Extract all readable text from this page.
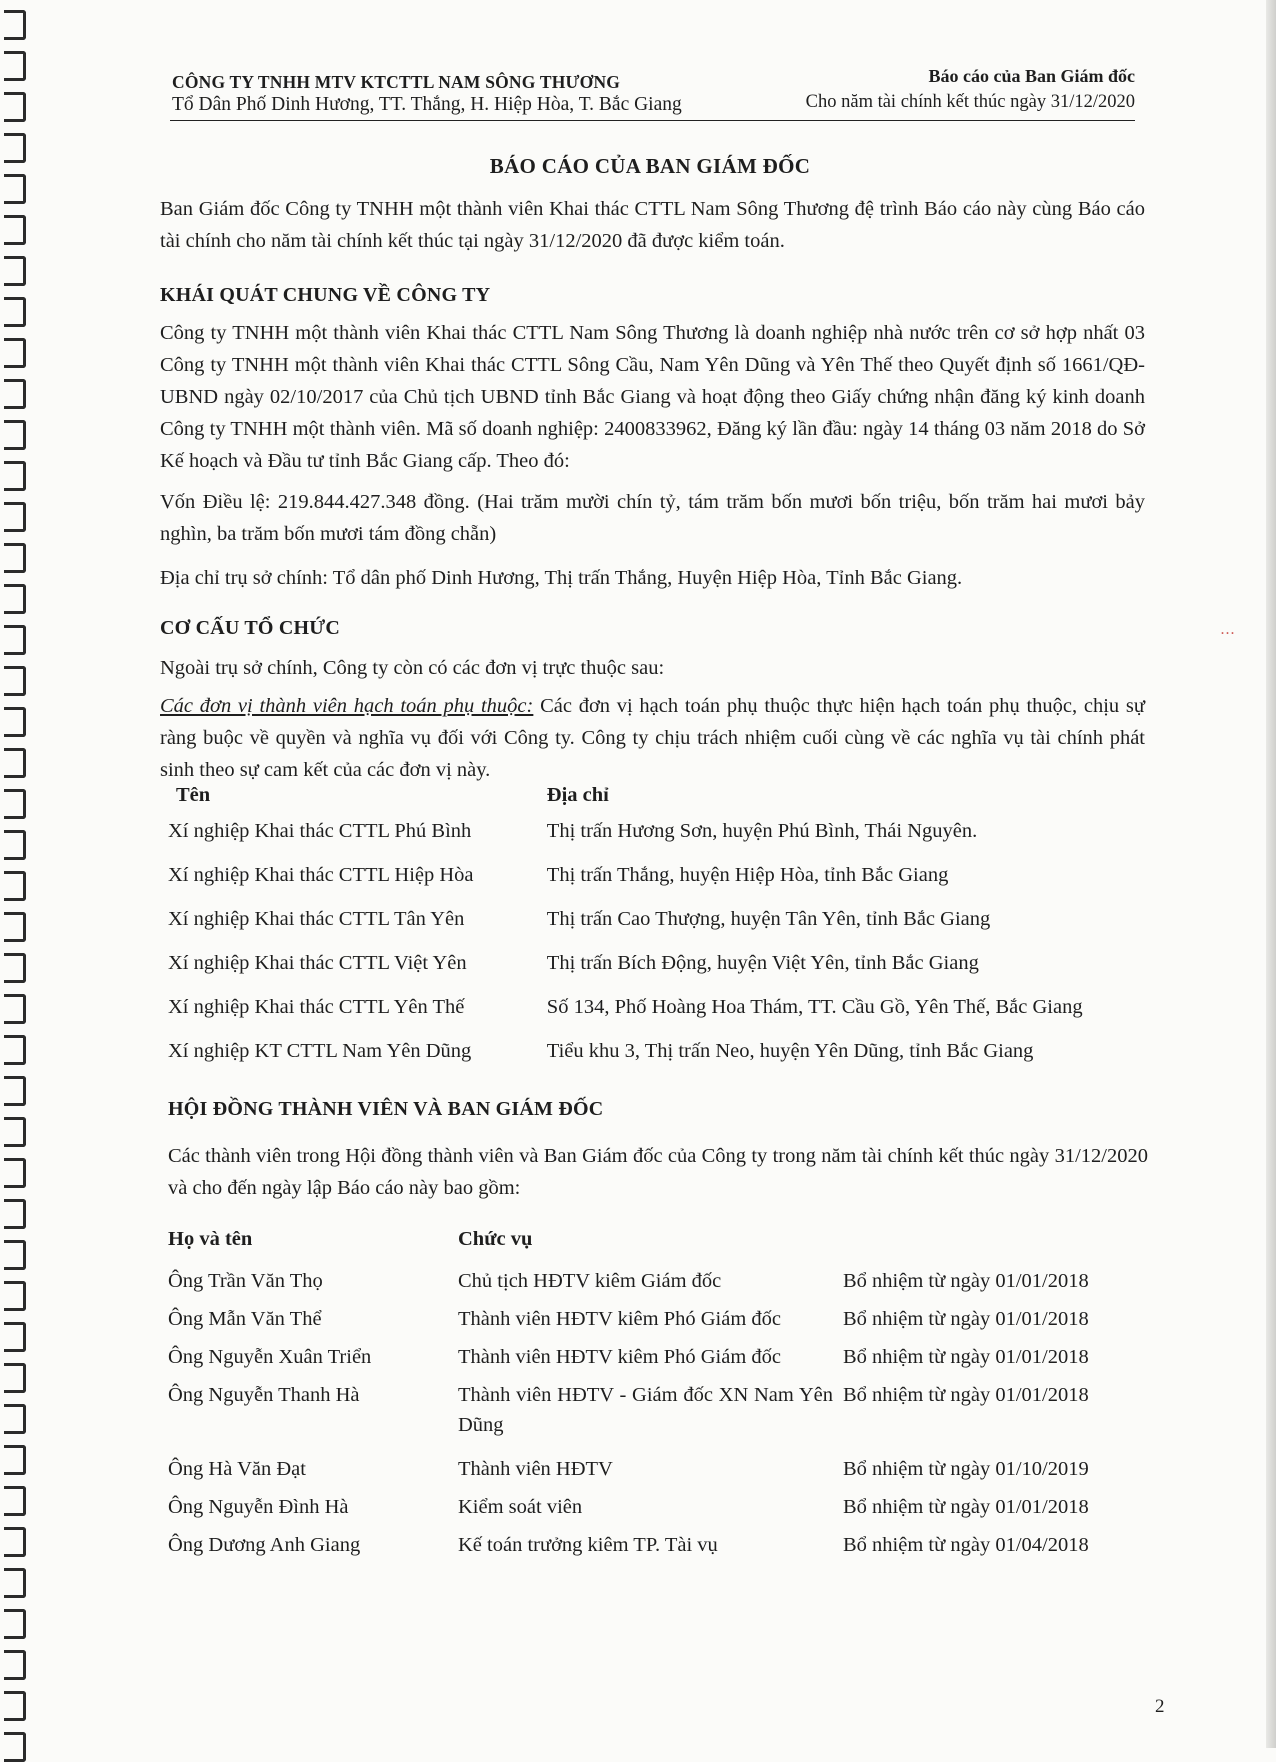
…
CÔNG TY TNHH MTV KTCTTL NAM SÔNG THƯƠNG
Tổ Dân Phố Dinh Hương, TT. Thắng, H. Hiệp Hòa, T. Bắc Giang
Báo cáo của Ban Giám đốc
Cho năm tài chính kết thúc ngày 31/12/2020
BÁO CÁO CỦA BAN GIÁM ĐỐC
Ban Giám đốc Công ty TNHH một thành viên Khai thác CTTL Nam Sông Thương đệ trình Báo cáo này cùng Báo cáo tài chính cho năm tài chính kết thúc tại ngày 31/12/2020 đã được kiểm toán.
KHÁI QUÁT CHUNG VỀ CÔNG TY
Công ty TNHH một thành viên Khai thác CTTL Nam Sông Thương là doanh nghiệp nhà nước trên cơ sở hợp nhất 03 Công ty TNHH một thành viên Khai thác CTTL Sông Cầu, Nam Yên Dũng và Yên Thế theo Quyết định số 1661/QĐ-UBND ngày 02/10/2017 của Chủ tịch UBND tỉnh Bắc Giang và hoạt động theo Giấy chứng nhận đăng ký kinh doanh Công ty TNHH một thành viên. Mã số doanh nghiệp: 2400833962, Đăng ký lần đầu: ngày 14 tháng 03 năm 2018 do Sở Kế hoạch và Đầu tư tỉnh Bắc Giang cấp. Theo đó:
Vốn Điều lệ: 219.844.427.348 đồng. (Hai trăm mười chín tỷ, tám trăm bốn mươi bốn triệu, bốn trăm hai mươi bảy nghìn, ba trăm bốn mươi tám đồng chẵn)
Địa chỉ trụ sở chính: Tổ dân phố Dinh Hương, Thị trấn Thắng, Huyện Hiệp Hòa, Tỉnh Bắc Giang.
CƠ CẤU TỔ CHỨC
Ngoài trụ sở chính, Công ty còn có các đơn vị trực thuộc sau:
Các đơn vị thành viên hạch toán phụ thuộc: Các đơn vị hạch toán phụ thuộc thực hiện hạch toán phụ thuộc, chịu sự ràng buộc về quyền và nghĩa vụ đối với Công ty. Công ty chịu trách nhiệm cuối cùng về các nghĩa vụ tài chính phát sinh theo sự cam kết của các đơn vị này.
Tên	Địa chỉ
Xí nghiệp Khai thác CTTL Phú Bình	Thị trấn Hương Sơn, huyện Phú Bình, Thái Nguyên.
Xí nghiệp Khai thác CTTL Hiệp Hòa	Thị trấn Thắng, huyện Hiệp Hòa, tỉnh Bắc Giang
Xí nghiệp Khai thác CTTL Tân Yên	Thị trấn Cao Thượng, huyện Tân Yên, tỉnh Bắc Giang
Xí nghiệp Khai thác CTTL Việt Yên	Thị trấn Bích Động, huyện Việt Yên, tỉnh Bắc Giang
Xí nghiệp Khai thác CTTL Yên Thế	Số 134, Phố Hoàng Hoa Thám, TT. Cầu Gồ, Yên Thế, Bắc Giang
Xí nghiệp KT CTTL Nam Yên Dũng	Tiểu khu 3, Thị trấn Neo, huyện Yên Dũng, tỉnh Bắc Giang
HỘI ĐỒNG THÀNH VIÊN VÀ BAN GIÁM ĐỐC
Các thành viên trong Hội đồng thành viên và Ban Giám đốc của Công ty trong năm tài chính kết thúc ngày 31/12/2020 và cho đến ngày lập Báo cáo này bao gồm:
Họ và tên	Chức vụ	
Ông Trần Văn Thọ	Chủ tịch HĐTV kiêm Giám đốc	Bổ nhiệm từ ngày 01/01/2018
Ông Mẫn Văn Thể	Thành viên HĐTV kiêm Phó Giám đốc	Bổ nhiệm từ ngày 01/01/2018
Ông Nguyễn Xuân Triển	Thành viên HĐTV kiêm Phó Giám đốc	Bổ nhiệm từ ngày 01/01/2018
Ông Nguyễn Thanh Hà	Thành viên HĐTV - Giám đốc XN Nam Yên Dũng	Bổ nhiệm từ ngày 01/01/2018
Ông Hà Văn Đạt	Thành viên HĐTV	Bổ nhiệm từ ngày 01/10/2019
Ông Nguyễn Đình Hà	Kiểm soát viên	Bổ nhiệm từ ngày 01/01/2018
Ông Dương Anh Giang	Kế toán trưởng kiêm TP. Tài vụ	Bổ nhiệm từ ngày 01/04/2018
2
